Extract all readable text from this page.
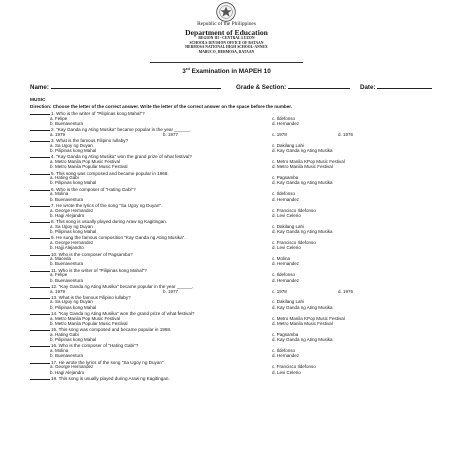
Republic of the Philippines
Department of Education
REGION III - CENTRAL LUZON
SCHOOLS DIVISION OFFICE OF BATAAN
HERMOSA NATIONAL HIGH SCHOOL-ANNEX
MABUCO, HERMOSA, BATAAN
3rd Examination in MAPEH 10
Name:	Grade & Section:	Date:
MUSIC
Direction: Choose the letter of the correct answer. Write the letter of the correct answer on the space before the number.
1. Who is the writer of "Pilipinas kong Mahal"?
a. Felipe	c. Ildefonso
b. Buenaventura	d. Hernandez
2. "Kay Ganda ng Ating Musika" became popular in the year ______.
a. 1979	b. 1977	c. 1978	d. 1976
3. What is the famous Filipino lullaby?
a. Sa Ugoy ng Duyan	c. Dakilang Lahi
b. Pilipinas kong Mahal	d. Kay Ganda ng Ating Musika
4. "Kay Ganda ng Ating Musika" won the grand prize of what festival?
a. Metro Manila Pop Music Festival	c. Metro Manila KPop Music Festival
b. Metro Manila Popular Music Festival	d. Metro Manila Music Festival
5. This song was composed and became popular in 1968.
a. Hating Gabi	c. Pagsamba
b. Pilipinas kong Mahal	d. Kay Ganda ng Ating Musika
6. Who is the composer of "Hating Gabi"?
a. Molina	c. Ildefonso
b. Buenaventura	d. Hernandez
7. He wrote the lyrics of the song "Sa Ugoy ng Duyan".
a. George Hernandez	c. Francisco Ildefonso
b. Hagi Alejandro	d. Levi Celerio
8. This song is usually played during Araw ng Kagitingan.
a. Sa Ugoy ng Duyan	c. Dakilang Lahi
b. Pilipinas kong Mahal	d. Kay Ganda ng Ating Musika
9. He sung the famous composition "Kay Ganda ng Ating Musika".
a. George Hernandez	c. Francisco Ildefonso
b. Hajji Alejandro	d. Levi Celerio
10. Who is the composer of Pagsamba?
a. Maceda	c. Molina
b. Buenaventura	d. Hernandez
11. Who is the writer of "Pilipinas kong Mahal"?
a. Felipe	c. Ildefonso
b. Buenaventura	d. Hernandez
12. "Kay Ganda ng Ating Musika" became popular in the year ______.
a. 1979	b. 1977	c. 1978	d. 1976
13. What is the famous Filipino lullaby?
a. Sa Ugoy ng Duyan	c. Dakilang Lahi
b. Pilipinas kong Mahal	d. Kay Ganda ng Ating Musika
14. "Kay Ganda ng Ating Musika" won the grand prize of what festival?
a. Metro Manila Pop Music Festival	c. Metro Manila KPop Music Festival
b. Metro Manila Popular Music Festival	d. Metro Manila Music Festival
15. This song was composed and became popular in 1968.
a. Hating Gabi	c. Pagsamba
b. Pilipinas kong Mahal	d. Kay Ganda ng Ating Musika
16. Who is the composer of "Hating Gabi"?
a. Molina	c. Ildefonso
b. Buenaventura	d. Hernandez
17. He wrote the lyrics of the song "Sa Ugoy ng Duyan".
a. George Hernandez	c. Francisco Ildefonso
b. Hagi Alejandro	d. Levi Celerio
18. This song is usually played during Araw ng Kagitingan.
